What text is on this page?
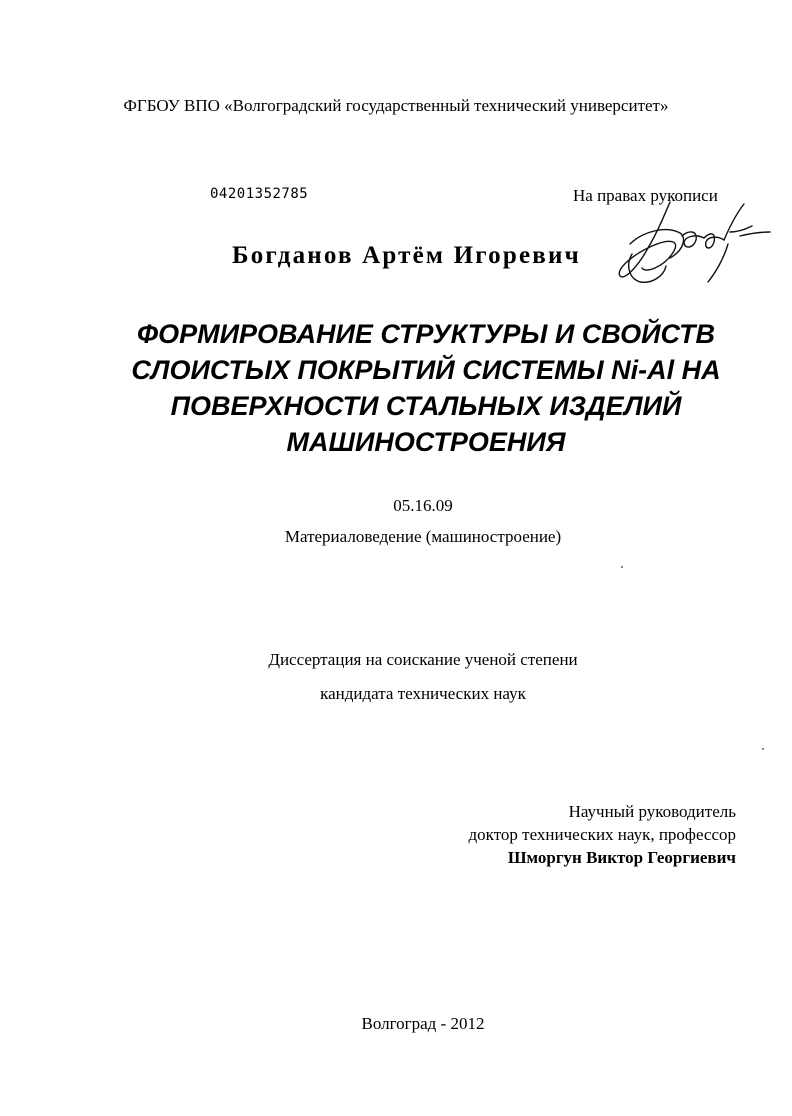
ФГБОУ ВПО «Волгоградский государственный технический университет»
04201352785	На правах рукописи
Богданов Артём Игоревич
ФОРМИРОВАНИЕ СТРУКТУРЫ И СВОЙСТВ
СЛОИСТЫХ ПОКРЫТИЙ СИСТЕМЫ Ni-Al НА
ПОВЕРХНОСТИ СТАЛЬНЫХ ИЗДЕЛИЙ
МАШИНОСТРОЕНИЯ
05.16.09
Материаловедение (машиностроение)
Диссертация на соискание ученой степени
кандидата технических наук
Научный руководитель
доктор технических наук, профессор
Шморгун Виктор Георгиевич
Волгоград - 2012
